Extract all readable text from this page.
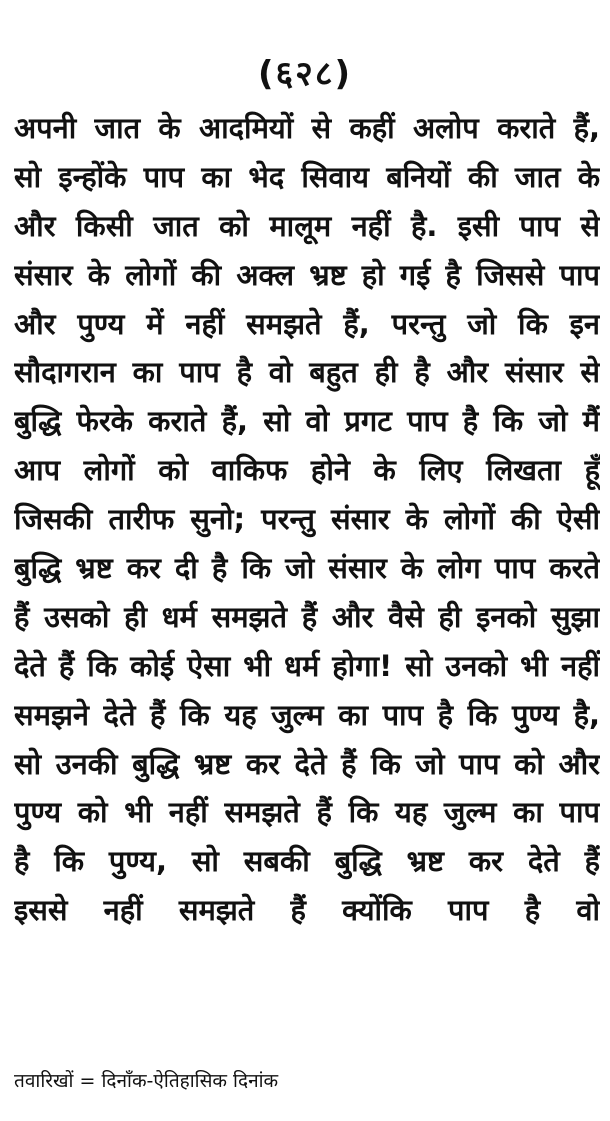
(६२८)
अपनी जात के आदमियों से कहीं अलोप कराते हैं,
सो इन्होंके पाप का भेद सिवाय बनियों की जात के
और किसी जात को मालूम नहीं है. इसी पाप से
संसार के लोगों की अक्ल भ्रष्ट हो गई है जिससे पाप
और पुण्य में नहीं समझते हैं, परन्तु जो कि इन
सौदागरान का पाप है वो बहुत ही है और संसार से
बुद्धि फेरके कराते हैं, सो वो प्रगट पाप है कि जो मैं
आप लोगों को वाकिफ होने के लिए लिखता हूँ
जिसकी तारीफ सुनो; परन्तु संसार के लोगों की ऐसी
बुद्धि भ्रष्ट कर दी है कि जो संसार के लोग पाप करते
हैं उसको ही धर्म समझते हैं और वैसे ही इनको सुझा
देते हैं कि कोई ऐसा भी धर्म होगा! सो उनको भी नहीं
समझने देते हैं कि यह जुल्म का पाप है कि पुण्य है,
सो उनकी बुद्धि भ्रष्ट कर देते हैं कि जो पाप को और
पुण्य को भी नहीं समझते हैं कि यह जुल्म का पाप
है कि पुण्य, सो सबकी बुद्धि भ्रष्ट कर देते हैं
इससे नहीं समझते हैं क्योंकि पाप है वो
तवारिखों = दिनाँक-ऐतिहासिक दिनांक
